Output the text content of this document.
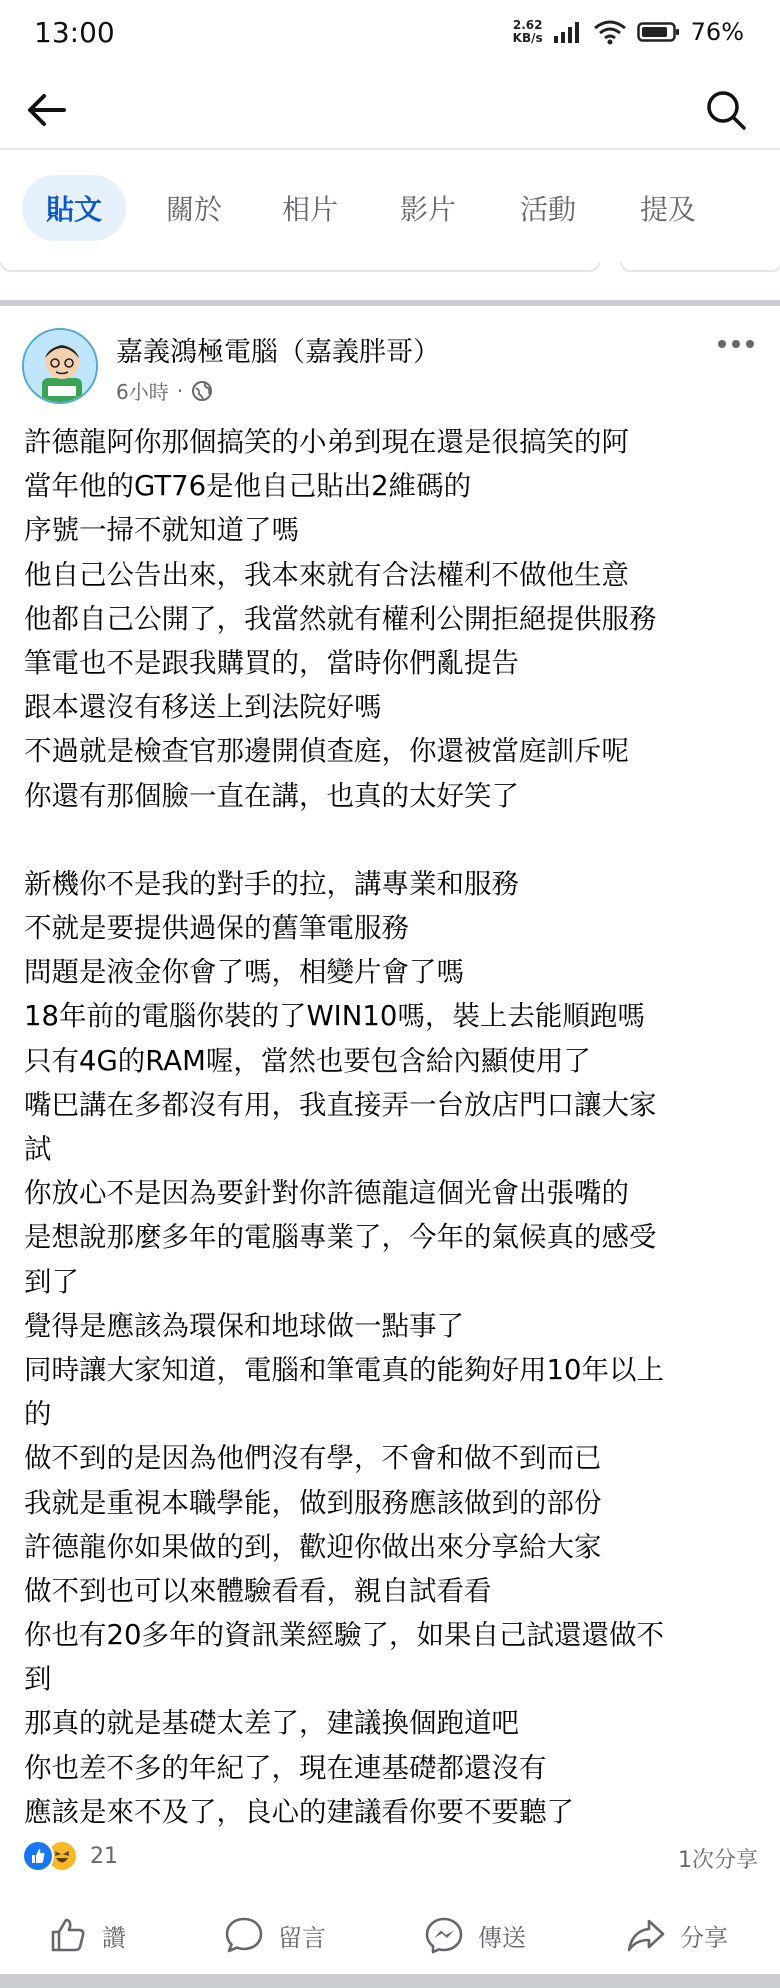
13:00	2.62
KB/s	76%
貼文	關於	相片	影片	活動	提及
嘉義鴻極電腦（嘉義胖哥）
6小時 ·
許德龍阿你那個搞笑的小弟到現在還是很搞笑的阿
當年他的GT76是他自己貼出2維碼的
序號一掃不就知道了嗎
他自己公告出來，我本來就有合法權利不做他生意
他都自己公開了，我當然就有權利公開拒絕提供服務
筆電也不是跟我購買的，當時你們亂提告
跟本還沒有移送上到法院好嗎
不過就是檢查官那邊開偵查庭，你還被當庭訓斥呢
你還有那個臉一直在講，也真的太好笑了
新機你不是我的對手的拉，講專業和服務
不就是要提供過保的舊筆電服務
問題是液金你會了嗎，相變片會了嗎
18年前的電腦你裝的了WIN10嗎，裝上去能順跑嗎
只有4G的RAM喔，當然也要包含給內顯使用了
嘴巴講在多都沒有用，我直接弄一台放店門口讓大家
試
你放心不是因為要針對你許德龍這個光會出張嘴的
是想說那麼多年的電腦專業了，今年的氣候真的感受
到了
覺得是應該為環保和地球做一點事了
同時讓大家知道，電腦和筆電真的能夠好用10年以上
的
做不到的是因為他們沒有學，不會和做不到而已
我就是重視本職學能，做到服務應該做到的部份
許德龍你如果做的到，歡迎你做出來分享給大家
做不到也可以來體驗看看，親自試看看
你也有20多年的資訊業經驗了，如果自己試還還做不
到
那真的就是基礎太差了，建議換個跑道吧
你也差不多的年紀了，現在連基礎都還沒有
應該是來不及了，良心的建議看你要不要聽了
21	1次分享
讚	留言	傳送	分享
